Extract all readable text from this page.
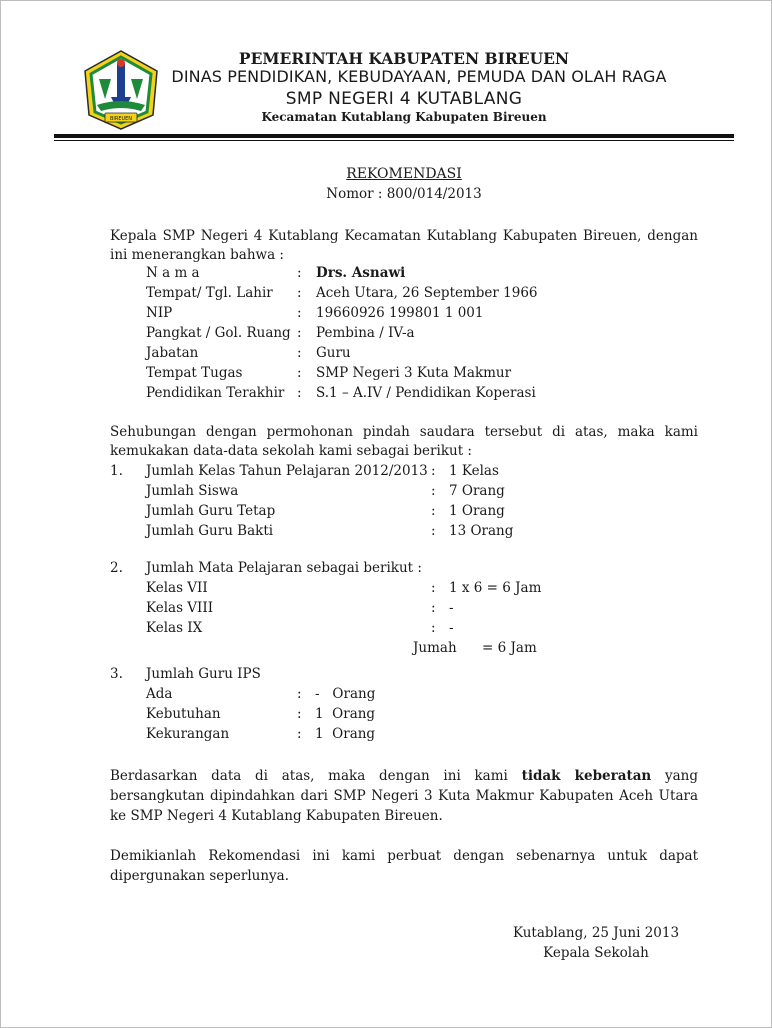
BIREUEN
PEMERINTAH KABUPATEN BIREUEN
DINAS PENDIDIKAN, KEBUDAYAAN, PEMUDA DAN OLAH RAGA
SMP NEGERI 4 KUTABLANG
Kecamatan Kutablang Kabupaten Bireuen
REKOMENDASI
Nomor : 800/014/2013
Kepala SMP Negeri 4 Kutablang Kecamatan Kutablang Kabupaten Bireuen, dengan ini menerangkan bahwa :
N a m a	: Drs. Asnawi
Tempat/ Tgl. Lahir : Aceh Utara, 26 September 1966
NIP	: 19660926 199801 1 001
Pangkat / Gol. Ruang : Pembina / IV-a
Jabatan	: Guru
Tempat Tugas	: SMP Negeri 3 Kuta Makmur
Pendidikan Terakhir : S.1 – A.IV / Pendidikan Koperasi
Sehubungan dengan permohonan pindah saudara tersebut di atas, maka kami kemukakan data-data sekolah kami sebagai berikut :
1. Jumlah Kelas Tahun Pelajaran 2012/2013 : 1 Kelas
Jumlah Siswa	: 7 Orang
Jumlah Guru Tetap	: 1 Orang
Jumlah Guru Bakti	: 13 Orang
2. Jumlah Mata Pelajaran sebagai berikut :
Kelas VII	: 1 x 6 = 6 Jam
Kelas VIII	: -
Kelas IX	: -
Jumah = 6 Jam
3. Jumlah Guru IPS
Ada	: -   Orang
Kebutuhan	: 1  Orang
Kekurangan	: 1  Orang
Berdasarkan data di atas, maka dengan ini kami tidak keberatan yang bersangkutan dipindahkan dari SMP Negeri 3 Kuta Makmur Kabupaten Aceh Utara ke SMP Negeri 4 Kutablang Kabupaten Bireuen.
Demikianlah Rekomendasi ini kami perbuat dengan sebenarnya untuk dapat dipergunakan seperlunya.
Kutablang, 25 Juni 2013
Kepala Sekolah
